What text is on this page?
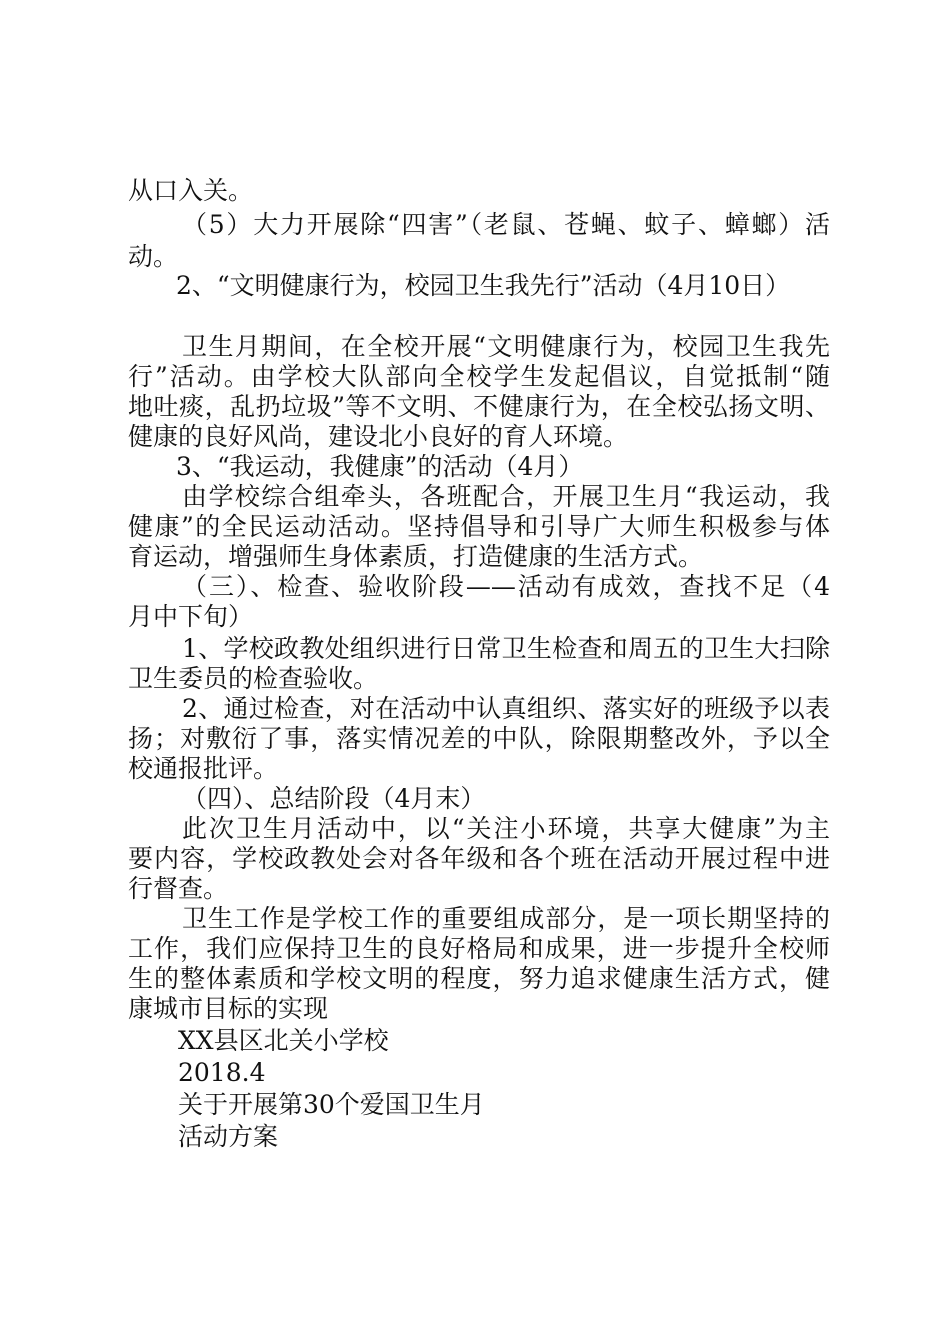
从口入关。

（5）大力开展除“四害”（老鼠、苍蝇、蚊子、蟑螂）活

动。

2、“文明健康行为，校园卫生我先行”活动（4月10日）

卫生月期间，在全校开展“文明健康行为，校园卫生我先

行”活动。由学校大队部向全校学生发起倡议，自觉抵制“随

地吐痰，乱扔垃圾”等不文明、不健康行为，在全校弘扬文明、

健康的良好风尚，建设北小良好的育人环境。

3、“我运动，我健康”的活动（4月）

由学校综合组牵头，各班配合，开展卫生月“我运动，我

健康”的全民运动活动。坚持倡导和引导广大师生积极参与体

育运动，增强师生身体素质，打造健康的生活方式。

（三）、检查、验收阶段——活动有成效，查找不足（4

月中下旬）

1、学校政教处组织进行日常卫生检查和周五的卫生大扫除

卫生委员的检查验收。

2、通过检查，对在活动中认真组织、落实好的班级予以表

扬；对敷衍了事，落实情况差的中队，除限期整改外，予以全

校通报批评。

（四）、总结阶段（4月末）

此次卫生月活动中，以“关注小环境，共享大健康”为主

要内容，学校政教处会对各年级和各个班在活动开展过程中进

行督查。

卫生工作是学校工作的重要组成部分，是一项长期坚持的

工作，我们应保持卫生的良好格局和成果，进一步提升全校师

生的整体素质和学校文明的程度，努力追求健康生活方式，健

康城市目标的实现

XX县区北关小学校

2018.4

关于开展第30个爱国卫生月

活动方案
